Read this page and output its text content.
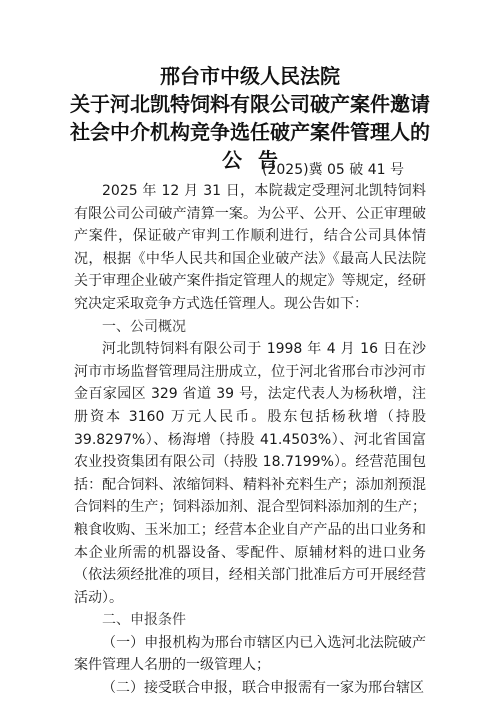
邢台市中级人民法院
关于河北凯特饲料有限公司破产案件邀请
社会中介机构竞争选任破产案件管理人的
公告
(2025)冀 05 破 41 号

2025 年 12 月 31 日，本院裁定受理河北凯特饲料有限公司公司破产清算一案。为公平、公开、公正审理破产案件，保证破产审判工作顺利进行，结合公司具体情况，根据《中华人民共和国企业破产法》《最高人民法院关于审理企业破产案件指定管理人的规定》等规定，经研究决定采取竞争方式选任管理人。现公告如下：

一、公司概况

河北凯特饲料有限公司于 1998 年 4 月 16 日在沙河市市场监督管理局注册成立，位于河北省邢台市沙河市金百家园区 329 省道 39 号，法定代表人为杨秋增，注册资本 3160 万元人民币。股东包括杨秋增（持股 39.8297%）、杨海增（持股 41.4503%）、河北省国富农业投资集团有限公司（持股 18.7199%）。经营范围包括：配合饲料、浓缩饲料、精料补充料生产；添加剂预混合饲料的生产；饲料添加剂、混合型饲料添加剂的生产；粮食收购、玉米加工；经营本企业自产产品的出口业务和本企业所需的机器设备、零配件、原辅材料的进口业务（依法须经批准的项目，经相关部门批准后方可开展经营活动）。

二、申报条件

（一）申报机构为邢台市辖区内已入选河北法院破产案件管理人名册的一级管理人；

（二）接受联合申报，联合申报需有一家为邢台辖区
